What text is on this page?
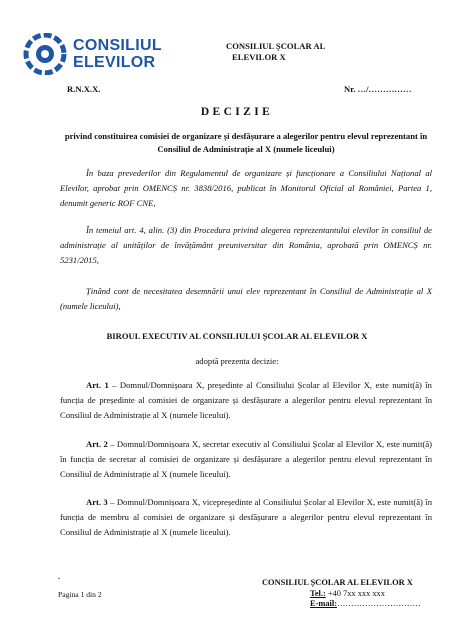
CONSILIUL
ELEVILOR
CONSILIUL ȘCOLAR AL
ELEVILOR X
R.N.X.X.	Nr. …/……………
DECIZIE
privind constituirea comisiei de organizare și desfășurare a alegerilor pentru elevul reprezentant în Consiliul de Administrație al X (numele liceului)
În baza prevederilor din Regulamentul de organizare și funcționare a Consiliului Național al Elevilor, aprobat prin OMENCȘ nr. 3838/2016, publicat în Monitorul Oficial al României, Partea 1, denumit generic ROF CNE,
În temeiul art. 4, alin. (3) din Procedura privind alegerea reprezentantului elevilor în consiliul de administrație al unităților de învățământ preuniversitar din România, aprobată prin OMENCȘ nr. 5231/2015,
Ținând cont de necesitatea desemnării unui elev reprezentant în Consiliul de Administrație al X (numele liceului),
BIROUL EXECUTIV AL CONSILIULUI ȘCOLAR AL ELEVILOR X
adoptă prezenta decizie:
Art. 1 – Domnul/Domnișoara X, președinte al Consiliului Școlar al Elevilor X, este numit(ă) în funcția de președinte al comisiei de organizare și desfășurare a alegerilor pentru elevul reprezentant în Consiliul de Administrație al X (numele liceului).
Art. 2 – Domnul/Domnișoara X, secretar executiv al Consiliului Școlar al Elevilor X, este numit(ă) în funcția de secretar al comisiei de organizare și desfășurare a alegerilor pentru elevul reprezentant în Consiliul de Administrație al X (numele liceului).
Art. 3 – Domnul/Domnișoara X, vicepreședinte al Consiliului Școlar al Elevilor X, este numit(ă) în funcția de membru al comisiei de organizare și desfășurare a alegerilor pentru elevul reprezentant în Consiliul de Administrație al X (numele liceului).
.
Pagina 1 din 2
CONSILIUL ȘCOLAR AL ELEVILOR X
Tel.: +40 7xx xxx xxx
E-mail:…………………………
